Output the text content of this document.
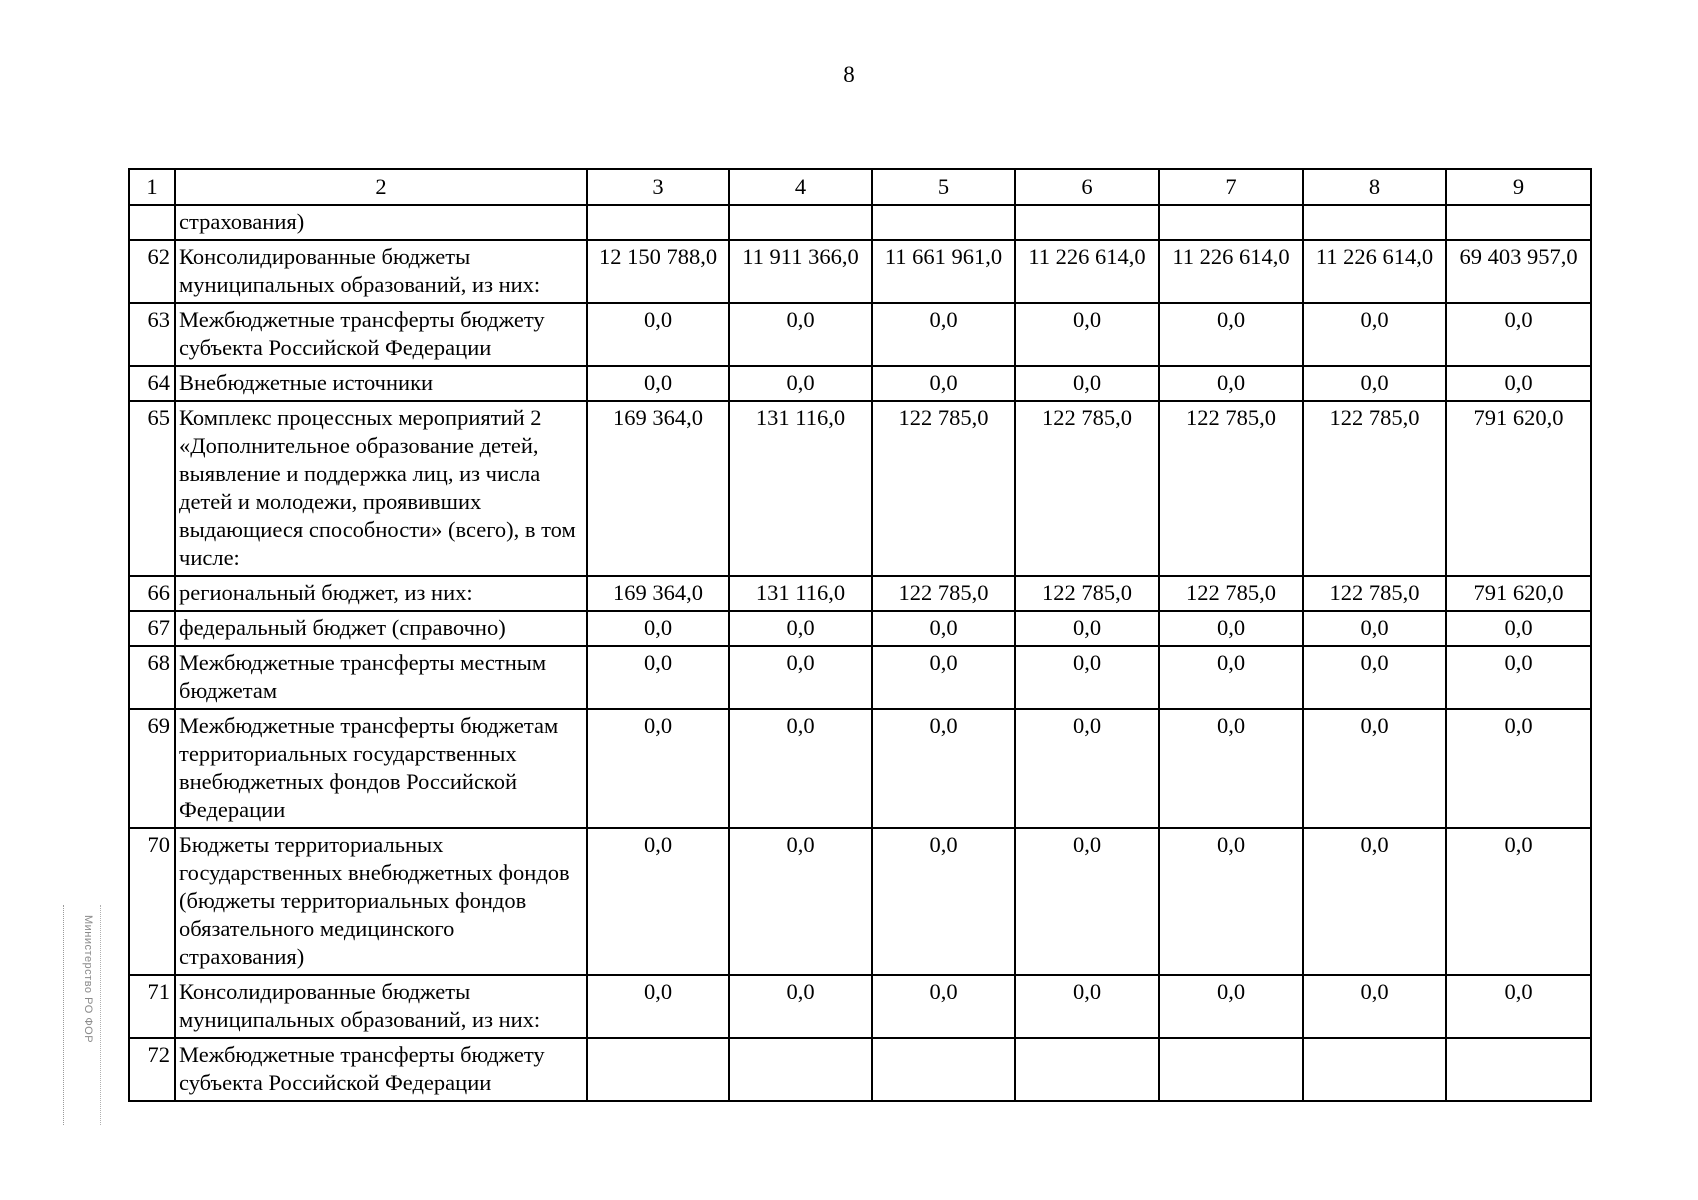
8
1	2	3	4	5	6	7	8	9
	страхования)							
62	Консолидированные бюджеты муниципальных образований, из них:	12 150 788,0	11 911 366,0	11 661 961,0	11 226 614,0	11 226 614,0	11 226 614,0	69 403 957,0
63	Межбюджетные трансферты бюджету субъекта Российской Федерации	0,0	0,0	0,0	0,0	0,0	0,0	0,0
64	Внебюджетные источники	0,0	0,0	0,0	0,0	0,0	0,0	0,0
65	Комплекс процессных мероприятий 2 «Дополнительное образование детей, выявление и поддержка лиц, из числа детей и молодежи, проявивших выдающиеся способности» (всего), в том числе:	169 364,0	131 116,0	122 785,0	122 785,0	122 785,0	122 785,0	791 620,0
66	региональный бюджет, из них:	169 364,0	131 116,0	122 785,0	122 785,0	122 785,0	122 785,0	791 620,0
67	федеральный бюджет (справочно)	0,0	0,0	0,0	0,0	0,0	0,0	0,0
68	Межбюджетные трансферты местным бюджетам	0,0	0,0	0,0	0,0	0,0	0,0	0,0
69	Межбюджетные трансферты бюджетам территориальных государственных внебюджетных фондов Российской Федерации	0,0	0,0	0,0	0,0	0,0	0,0	0,0
70	Бюджеты территориальных государственных внебюджетных фондов (бюджеты территориальных фондов обязательного медицинского страхования)	0,0	0,0	0,0	0,0	0,0	0,0	0,0
71	Консолидированные бюджеты муниципальных образований, из них:	0,0	0,0	0,0	0,0	0,0	0,0	0,0
72	Межбюджетные трансферты бюджету субъекта Российской Федерации							
Министерство РО ФОР
